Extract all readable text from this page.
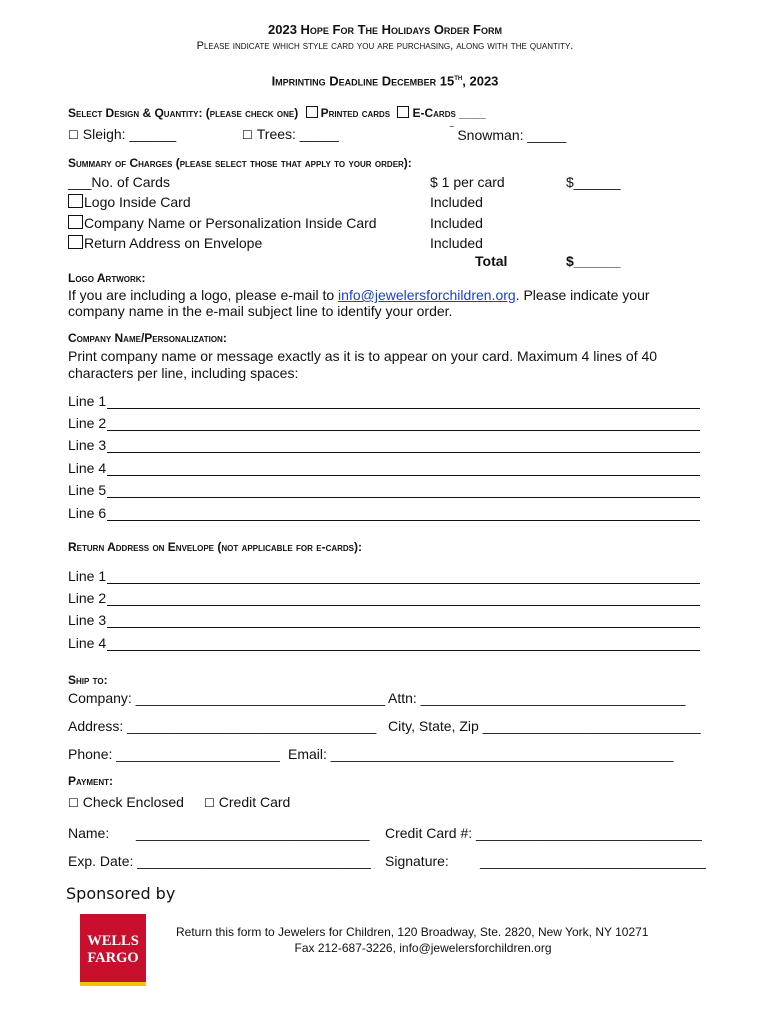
2023 Hope For The Holidays Order Form
Please indicate which style card you are purchasing, along with the quantity.
Imprinting Deadline December 15th, 2023
Select Design & Quantity: (please check one) Printed cards E-Cards ____
☐ Sleigh: ______	☐ Trees: _____	‾ Snowman: _____
Summary of Charges (please select those that apply to your order):
___No. of Cards	$ 1 per card	$______
Logo Inside Card	Included
Company Name or Personalization Inside Card	Included
Return Address on Envelope	Included
Total	$______
Logo Artwork:
If you are including a logo, please e-mail to info@jewelersforchildren.org. Please indicate your
company name in the e-mail subject line to identify your order.
Company Name/Personalization:
Print company name or message exactly as it is to appear on your card. Maximum 4 lines of 40
characters per line, including spaces:
Line 1
Line 2
Line 3
Line 4
Line 5
Line 6
Return Address on Envelope (not applicable for e-cards):
Line 1
Line 2
Line 3
Line 4
Ship to:
Company: ________________________________ Attn: __________________________________
Address: ________________________________ City, State, Zip ____________________________
Phone: _____________________ Email: ____________________________________________
Payment:
☐ Check Enclosed ☐ Credit Card
Name: ______________________________ Credit Card #: _____________________________
Exp. Date: ______________________________ Signature: _____________________________
Sponsored by
WELLS
FARGO
Return this form to Jewelers for Children, 120 Broadway, Ste. 2820, New York, NY 10271
Fax 212-687-3226, info@jewelersforchildren.org
